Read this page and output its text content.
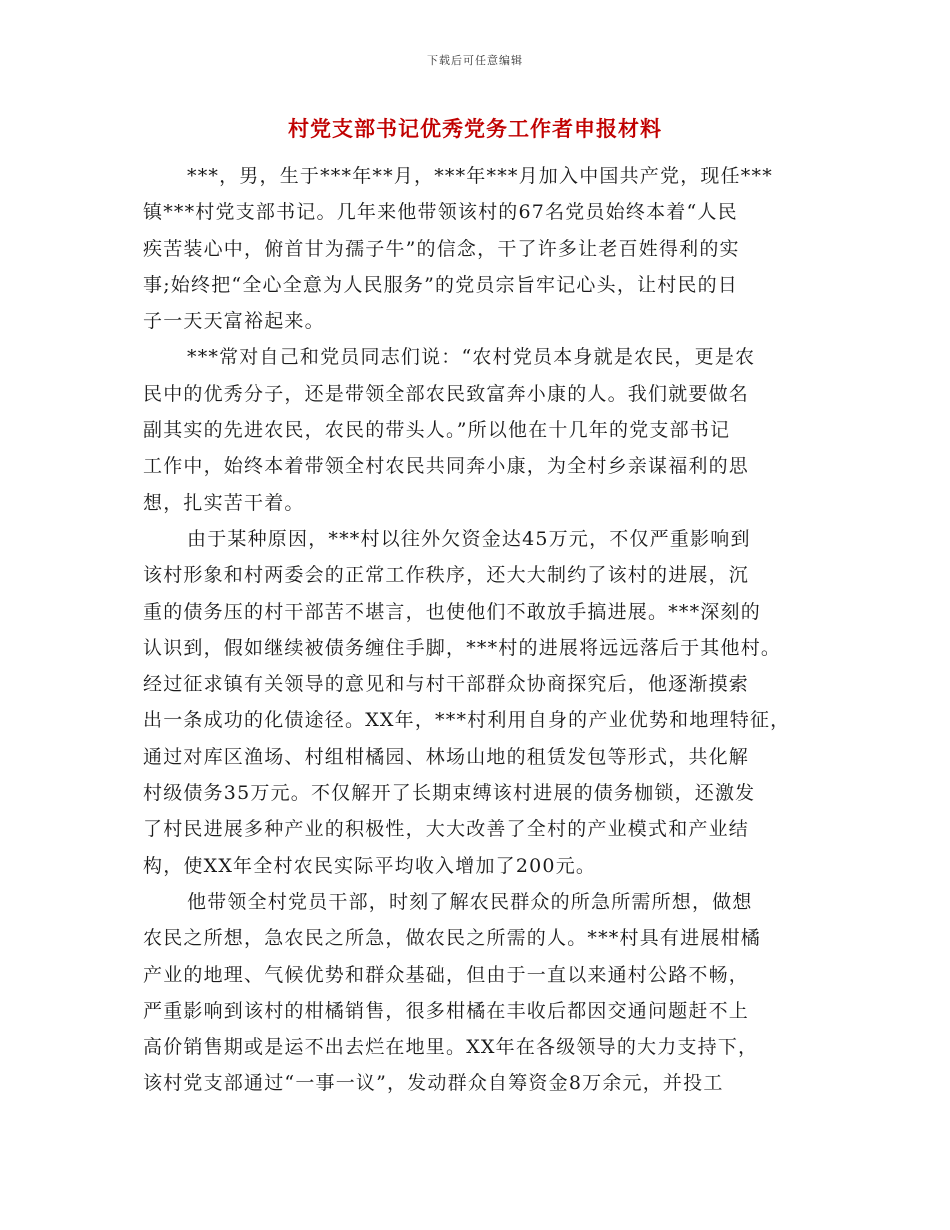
下载后可任意编辑
村党支部书记优秀党务工作者申报材料

***，男，生于***年**月，***年***月加入中国共产党，现任***
镇***村党支部书记。几年来他带领该村的67名党员始终本着“人民
疾苦装心中，俯首甘为孺子牛”的信念，干了许多让老百姓得利的实
事;始终把“全心全意为人民服务”的党员宗旨牢记心头，让村民的日
子一天天富裕起来。

***常对自己和党员同志们说：“农村党员本身就是农民，更是农
民中的优秀分子，还是带领全部农民致富奔小康的人。我们就要做名
副其实的先进农民，农民的带头人。”所以他在十几年的党支部书记
工作中，始终本着带领全村农民共同奔小康，为全村乡亲谋福利的思
想，扎实苦干着。

由于某种原因，***村以往外欠资金达45万元，不仅严重影响到
该村形象和村两委会的正常工作秩序，还大大制约了该村的进展，沉
重的债务压的村干部苦不堪言，也使他们不敢放手搞进展。***深刻的
认识到，假如继续被债务缠住手脚，***村的进展将远远落后于其他村。
经过征求镇有关领导的意见和与村干部群众协商探究后，他逐渐摸索
出一条成功的化债途径。XX年，***村利用自身的产业优势和地理特征，
通过对库区渔场、村组柑橘园、林场山地的租赁发包等形式，共化解
村级债务35万元。不仅解开了长期束缚该村进展的债务枷锁，还激发
了村民进展多种产业的积极性，大大改善了全村的产业模式和产业结
构，使XX年全村农民实际平均收入增加了200元。

他带领全村党员干部，时刻了解农民群众的所急所需所想，做想
农民之所想，急农民之所急，做农民之所需的人。***村具有进展柑橘
产业的地理、气候优势和群众基础，但由于一直以来通村公路不畅，
严重影响到该村的柑橘销售，很多柑橘在丰收后都因交通问题赶不上
高价销售期或是运不出去烂在地里。XX年在各级领导的大力支持下，
该村党支部通过“一事一议”，发动群众自筹资金8万余元，并投工
